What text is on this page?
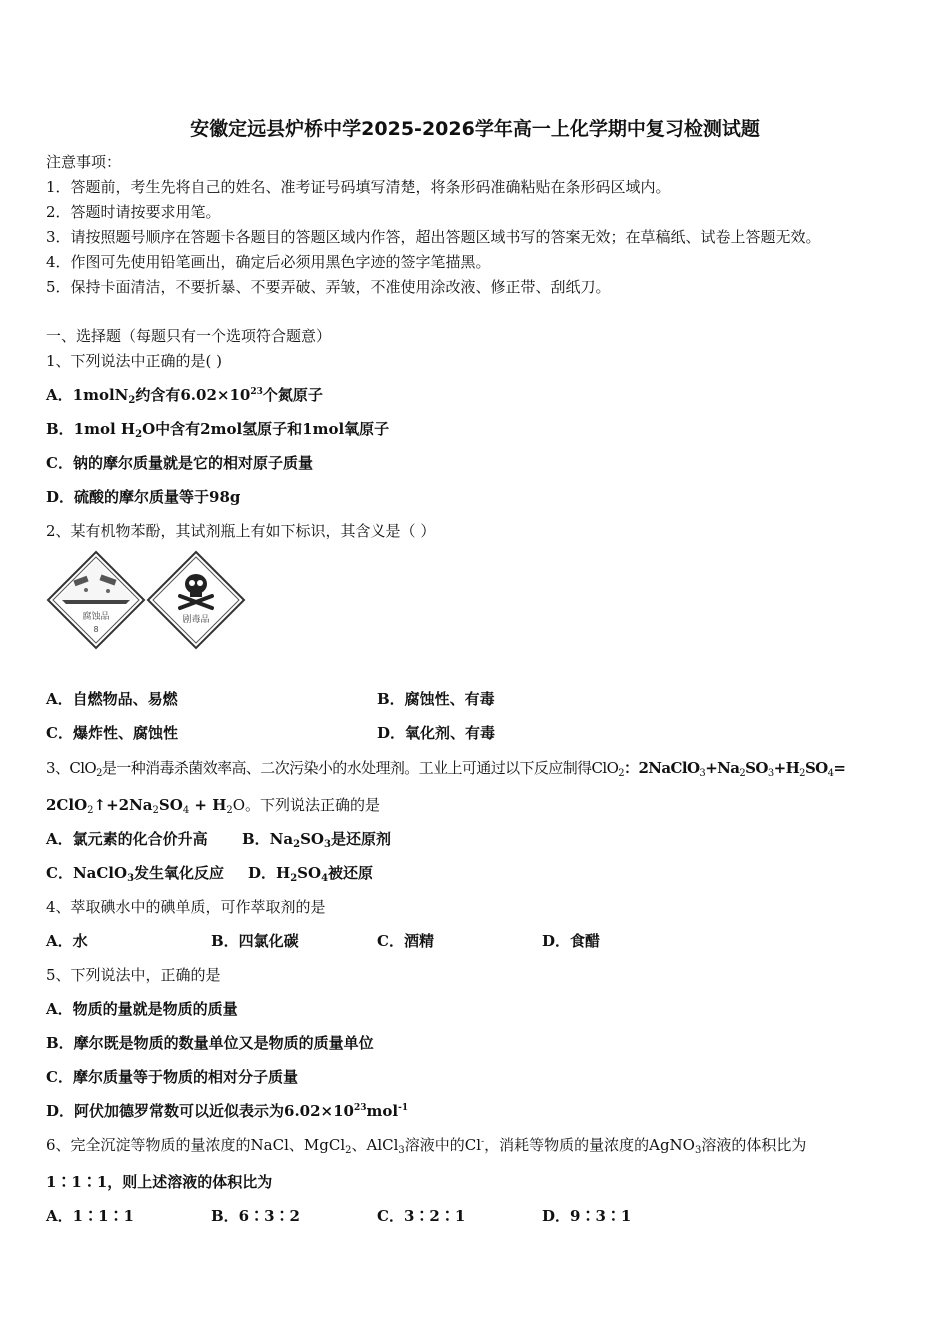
安徽定远县炉桥中学2025-2026学年高一上化学期中复习检测试题
注意事项：
1．答题前，考生先将自己的姓名、准考证号码填写清楚，将条形码准确粘贴在条形码区域内。
2．答题时请按要求用笔。
3．请按照题号顺序在答题卡各题目的答题区域内作答，超出答题区域书写的答案无效；在草稿纸、试卷上答题无效。
4．作图可先使用铅笔画出，确定后必须用黑色字迹的签字笔描黑。
5．保持卡面清洁，不要折暴、不要弄破、弄皱，不准使用涂改液、修正带、刮纸刀。
一、选择题（每题只有一个选项符合题意）
1、下列说法中正确的是( )
A．1molN$_2$约含有$6.02\times 10^{23}$个氮原子
B．1mol $H_2O$中含有2mol氢原子和1mol氧原子
C．钠的摩尔质量就是它的相对原子质量
D．硫酸的摩尔质量等于98g
2、某有机物苯酚，其试剂瓶上有如下标识，其含义是（ ）
腐蚀品
8
剧毒品
A．自燃物品、易燃	B．腐蚀性、有毒
C．爆炸性、腐蚀性	D．氧化剂、有毒
3、ClO$_2$是一种消毒杀菌效率高、二次污染小的水处理剂。工业上可通过以下反应制得ClO$_2$：$2NaClO_3+Na_2SO_3+H_2SO_4=$
$2ClO_2↑+2Na_2SO_4 + H_2O$。下列说法正确的是
A．氯元素的化合价升高 B．$Na_2SO_3$是还原剂
C．NaClO$_3$发生氧化反应 D．$H_2SO_4$被还原
4、萃取碘水中的碘单质，可作萃取剂的是
A．水	B．四氯化碳	C．酒精	D．食醋
5、下列说法中，正确的是
A．物质的量就是物质的质量
B．摩尔既是物质的数量单位又是物质的质量单位
C．摩尔质量等于物质的相对分子质量
D．阿伏加德罗常数可以近似表示为$6.02\times 10^{23}mol^{-1}$
6、完全沉淀等物质的量浓度的NaCl、MgCl$_2$、AlCl$_3$溶液中的Cl-，消耗等物质的量浓度的AgNO$_3$溶液的体积比为
1∶1∶1，则上述溶液的体积比为
A．1∶1∶1	B．6∶3∶2	C．3∶2∶1	D．9∶3∶1
